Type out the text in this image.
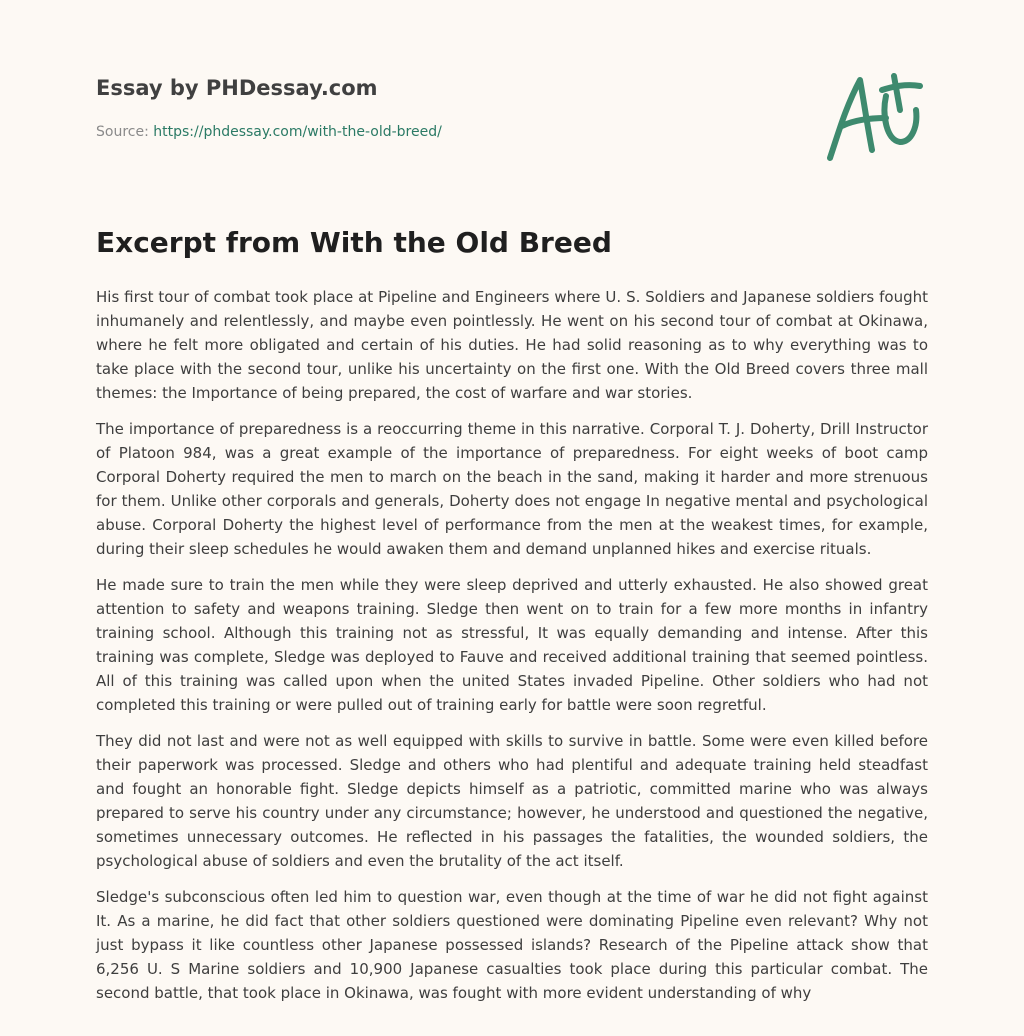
Essay by PHDessay.com
Source: https://phdessay.com/with-the-old-breed/
Excerpt from With the Old Breed

His first tour of combat took place at Pipeline and Engineers where U. S. Soldiers and Japanese soldiers fought inhumanely and relentlessly, and maybe even pointlessly. He went on his second tour of combat at Okinawa, where he felt more obligated and certain of his duties. He had solid reasoning as to why everything was to take place with the second tour, unlike his uncertainty on the first one. With the Old Breed covers three mall themes: the Importance of being prepared, the cost of warfare and war stories.

The importance of preparedness is a reoccurring theme in this narrative. Corporal T. J. Doherty, Drill Instructor of Platoon 984, was a great example of the importance of preparedness. For eight weeks of boot camp Corporal Doherty required the men to march on the beach in the sand, making it harder and more strenuous for them. Unlike other corporals and generals, Doherty does not engage In negative mental and psychological abuse. Corporal Doherty the highest level of performance from the men at the weakest times, for example, during their sleep schedules he would awaken them and demand unplanned hikes and exercise rituals.

He made sure to train the men while they were sleep deprived and utterly exhausted. He also showed great attention to safety and weapons training. Sledge then went on to train for a few more months in infantry training school. Although this training not as stressful, It was equally demanding and intense. After this training was complete, Sledge was deployed to Fauve and received additional training that seemed pointless. All of this training was called upon when the united States invaded Pipeline. Other soldiers who had not completed this training or were pulled out of training early for battle were soon regretful.

They did not last and were not as well equipped with skills to survive in battle. Some were even killed before their paperwork was processed. Sledge and others who had plentiful and adequate training held steadfast and fought an honorable fight. Sledge depicts himself as a patriotic, committed marine who was always prepared to serve his country under any circumstance; however, he understood and questioned the negative, sometimes unnecessary outcomes. He reflected in his passages the fatalities, the wounded soldiers, the psychological abuse of soldiers and even the brutality of the act itself.

Sledge's subconscious often led him to question war, even though at the time of war he did not fight against It. As a marine, he did fact that other soldiers questioned were dominating Pipeline even relevant? Why not just bypass it like countless other Japanese possessed islands? Research of the Pipeline attack show that 6,256 U. S Marine soldiers and 10,900 Japanese casualties took place during this particular combat. The second battle, that took place in Okinawa, was fought with more evident understanding of why
